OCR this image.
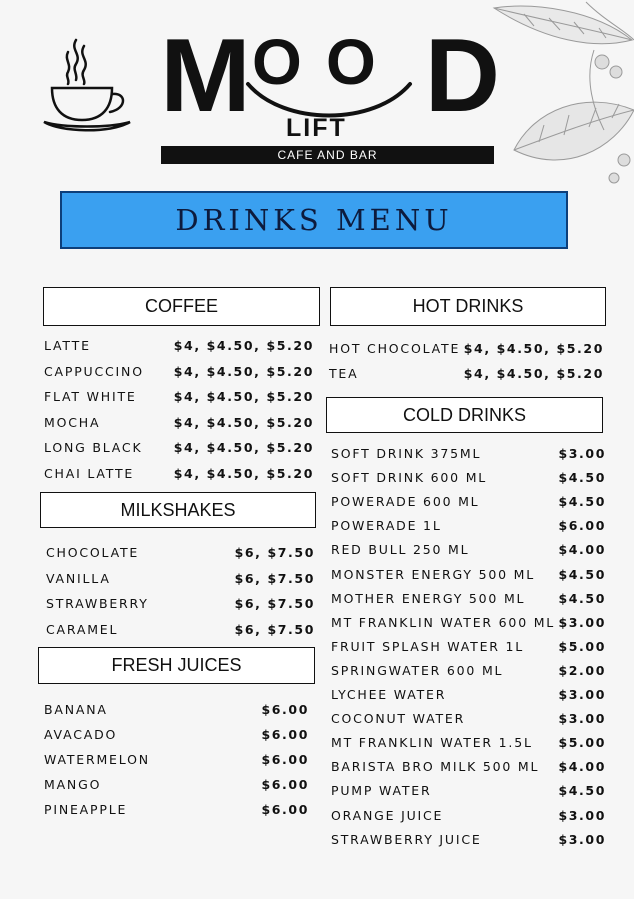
M O O D
LIFT
CAFE AND BAR
DRINKS MENU
COFFEE
LATTE	$4, $4.50, $5.20
CAPPUCCINO $4, $4.50, $5.20
FLAT WHITE	$4, $4.50, $5.20
MOCHA	$4, $4.50, $5.20
LONG BLACK	$4, $4.50, $5.20
CHAI LATTE	$4, $4.50, $5.20
MILKSHAKES
CHOCOLATE	$6, $7.50
VANILLA	$6, $7.50
STRAWBERRY	$6, $7.50
CARAMEL	$6, $7.50
FRESH JUICES
BANANA	$6.00
AVACADO	$6.00
WATERMELON	$6.00
MANGO	$6.00
PINEAPPLE	$6.00
HOT DRINKS
HOT CHOCOLATE $4, $4.50, $5.20
TEA	$4, $4.50, $5.20
COLD DRINKS
SOFT DRINK 375ML	$3.00
SOFT DRINK 600 ML	$4.50
POWERADE 600 ML	$4.50
POWERADE 1L	$6.00
RED BULL 250 ML	$4.00
MONSTER ENERGY 500 ML $4.50
MOTHER ENERGY 500 ML	$4.50
MT FRANKLIN WATER 600 ML $3.00
FRUIT SPLASH WATER 1L	$5.00
SPRINGWATER 600 ML	$2.00
LYCHEE WATER	$3.00
COCONUT WATER	$3.00
MT FRANKLIN WATER 1.5L $5.00
BARISTA BRO MILK 500 ML $4.00
PUMP WATER	$4.50
ORANGE JUICE	$3.00
STRAWBERRY JUICE	$3.00
